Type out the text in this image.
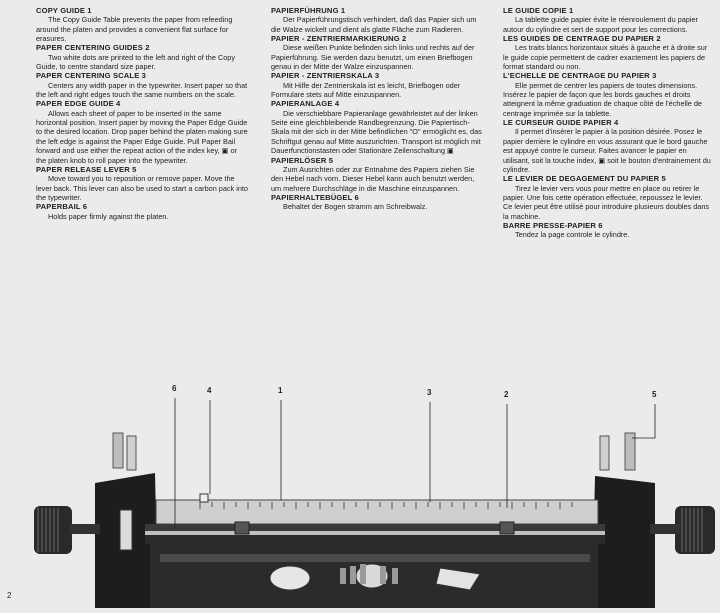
COPY GUIDE 1

The Copy Guide Table prevents the paper from refeeding around the platen and provides a convenient flat surface for erasures.

PAPER CENTERING GUIDES 2

Two white dots are printed to the left and right of the Copy Guide, to centre standard size paper.

PAPER CENTERING SCALE 3

Centers any width paper in the typewriter. Insert paper so that the left and right edges touch the same numbers on the scale.

PAPER EDGE GUIDE 4

Allows each sheet of paper to be inserted in the same horizontal position. Insert paper by moving the Paper Edge Guide to the desired location. Drop paper behind the platen making sure the left edge is against the Paper Edge Guide. Pull Paper Bail forward and use either the repeat action of the index key, ▣ or the platen knob to roll paper into the typewriter.

PAPER RELEASE LEVER 5

Move toward you to reposition or remove paper. Move the lever back. This lever can also be used to start a carbon pack into the typewriter.

PAPERBAIL 6

Holds paper firmly against the platen.

PAPIERFÜHRUNG 1

Der Papierführungstisch verhindert, daß das Papier sich um die Walze wickelt und dient als glatte Fläche zum Radieren.

PAPIER - ZENTRIERMARKIERUNG 2

Diese weißen Punkte befinden sich links und rechts auf der Papierführung. Sie werden dazu benutzt, um einen Briefbogen genau in der Mitte der Walze einzuspannen.

PAPIER - ZENTRIERSKALA 3

Mit Hilfe der Zentrierskala ist es leicht, Briefbogen oder Formulare stets auf Mitte einzuspannen.

PAPIERANLAGE 4

Die verschiebbare Papieranlage gewährleistet auf der linken Seite eine gleichbleibende Randbegrenzung. Die Papiertisch-Skala mit der sich in der Mitte befindlichen "O" ermöglicht es, das Schriftgut genau auf Mitte auszurichten. Transport ist möglich mit Dauerfunctionstasten oder Stationäre Zeilenschaltung ▣

PAPIERLÖSER 5

Zum Ausrichten oder zur Entnahme des Papiers ziehen Sie den Hebel nach vorn. Dieser Hebel kann auch benutzt werden, um mehrere Durchschläge in die Maschine einzuspannen.

PAPIERHALTEBÜGEL 6

Behaltet der Bogen stramm am Schreibwalz.

LE GUIDE COPIE 1

La tablette guide papier évite le réenroulement du papier autour du cylindre et sert de support pour les corrections.

LES GUIDES DE CENTRAGE DU PAPIER 2

Les traits blancs horizontaux situés à gauche et à droite sur le guide copie permettent de cadrer exactement les papiers de format standard ou non.

L'ECHELLE DE CENTRAGE DU PAPIER 3

Elle permet de centrer les papiers de toutes dimensions. Insérez le papier de façon que les bords gauches et droits atteignent la même graduation de chaque côté de l'échelle de centrage imprimée sur la tablette.

LE CURSEUR GUIDE PAPIER 4

Il permet d'insérer le papier à la position désirée. Posez le papier derrière le cylindre en vous assurant que le bord gauche est appuyé contre le curseur. Faites avancer le papier en utilisant, soit la touche index, ▣ soit le bouton d'entrainement du cylindre.

LE LEVIER DE DEGAGEMENT DU PAPIER 5

Tirez le levier vers vous pour mettre en place ou retirer le papier. Une fois cette opération effectuée, repoussez le levier. Ce levier peut être utilisé pour introduire plusieurs doubles dans la machine.

BARRE PRESSE-PAPIER 6

Tendez la page controle le cylindre.

6	4	1	3	2	5
2
